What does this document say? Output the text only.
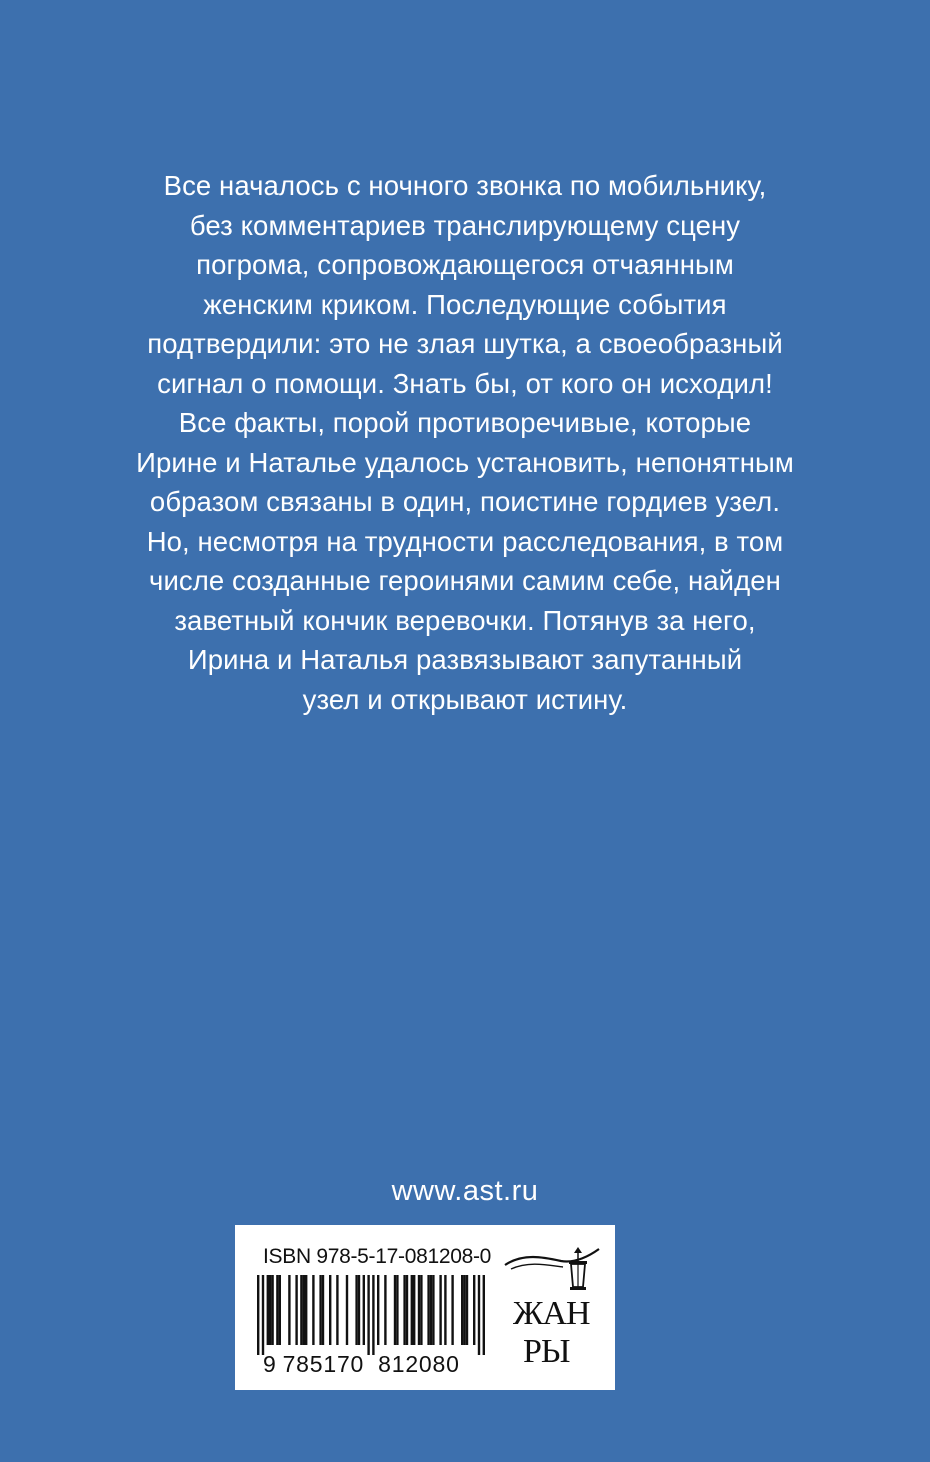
Все началось с ночного звонка по мобильнику,
без комментариев транслирующему сцену
погрома, сопровождающегося отчаянным
женским криком. Последующие события
подтвердили: это не злая шутка, а своеобразный
сигнал о помощи. Знать бы, от кого он исходил!
Все факты, порой противоречивые, которые
Ирине и Наталье удалось установить, непонятным
образом связаны в один, поистине гордиев узел.
Но, несмотря на трудности расследования, в том
числе созданные героинями самим себе, найден
заветный кончик веревочки. Потянув за него,
Ирина и Наталья развязывают запутанный
узел и открывают истину.

www.ast.ru
ISBN 978-5-17-081208-0
9 785170 812080
ЖАН
РЫ
